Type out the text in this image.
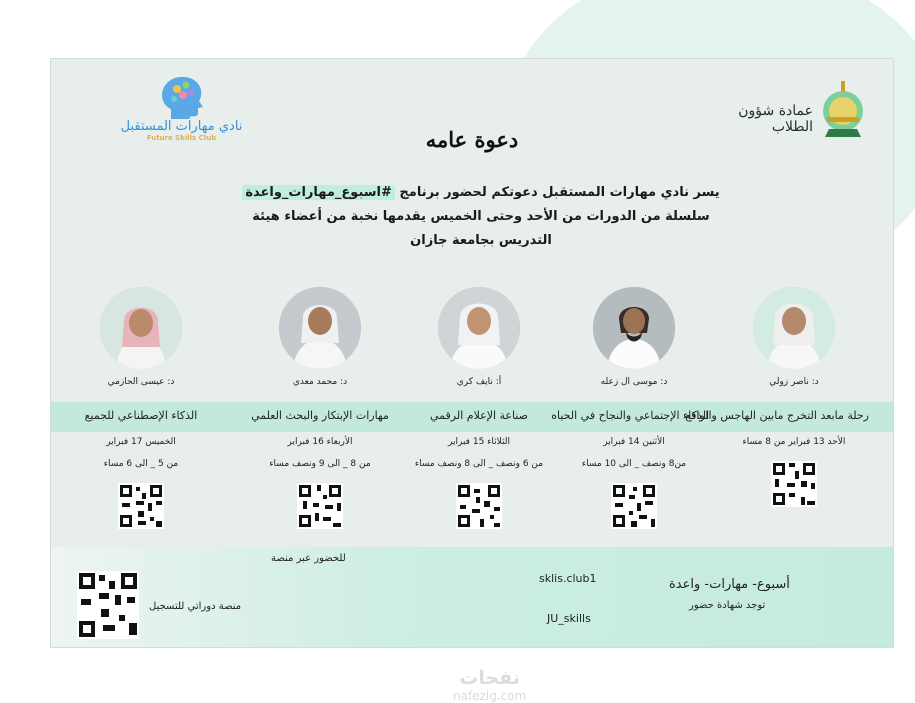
نادي مهارات المستقبل
Future Skills Club
عمادة شؤون الطلاب
دعوة عامه
يسر نادي مهارات المستقبل دعوتكم لحضور برنامج #اسبوع_مهارات_واعدة
سلسلة من الدورات من الأحد وحتى الخميس يقدمها نخبة من أعضاء هيئة
التدريس بجامعة جازان
د: عيسى الحازمي
الذكاء الإصطناعي للجميع
الخميس 17 فبراير
من 5 _ الى 6 مساء
د: محمد معدي
مهارات الإبتكار والبحث العلمي
الأربعاء 16 فبراير
من 8 _ الى 9 ونصف مساء
أ: نايف كري
صناعة الإعلام الرقمي
الثلاثاء 15 فبراير
من 6 ونصف _ الى 8 ونصف مساء
د: موسى ال زعله
الذكاء الإجتماعي والنجاح في الحياه
الأثنين 14 فبراير
من8 ونصف _ الى 10 مساء
د: ناصر زولي
رحلة مابعد التخرج مابين الهاجس والواقع
الأحد 13 فبراير من 8 مساء
للحضور عبر منصة
منصة دوراتي للتسجيل
sklis.club1
JU_skills
أسبوع- مهارات- واعدة
توجد شهادة حضور
نفحات
nafezlg.com
